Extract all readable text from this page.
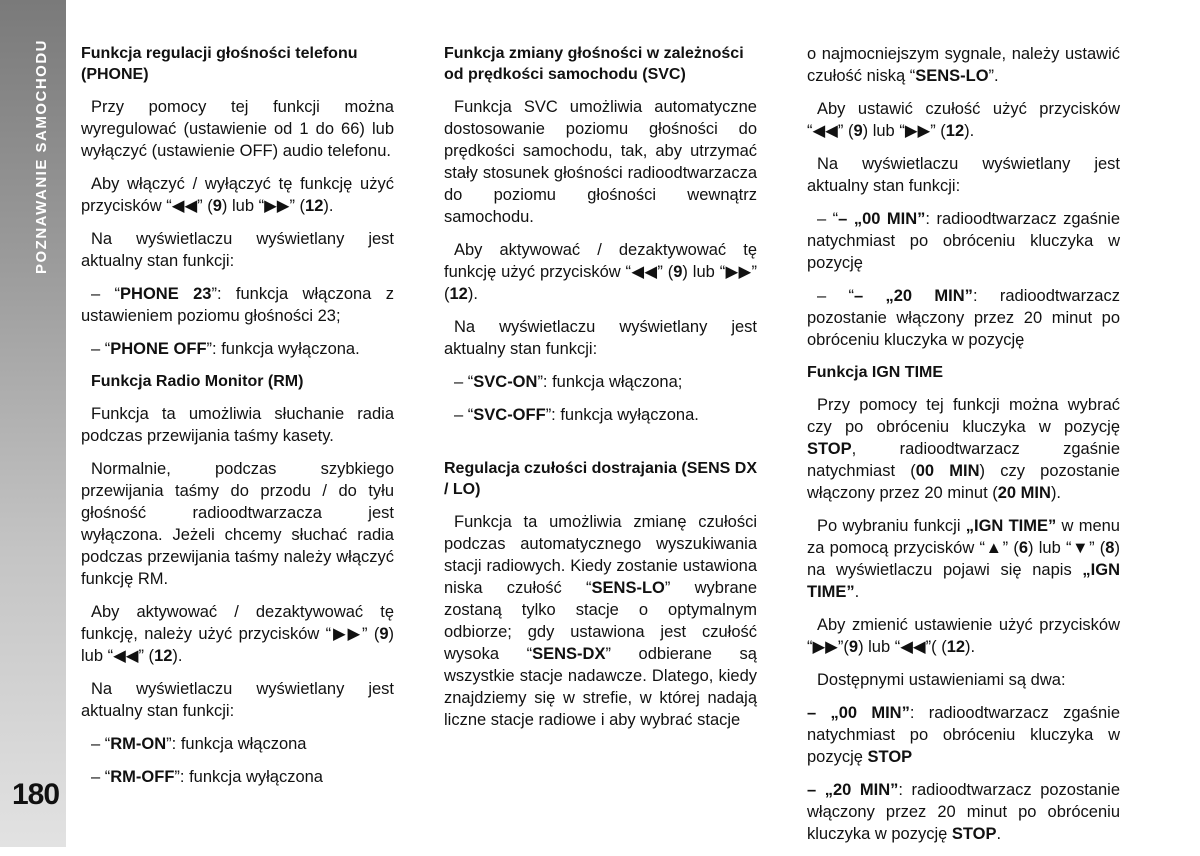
POZNAWANIE SAMOCHODU
180
Funkcja regulacji głośności telefonu (PHONE)

Przy pomocy tej funkcji można wyregulować (ustawienie od 1 do 66) lub wyłączyć (ustawienie OFF) audio telefonu.

Aby włączyć / wyłączyć tę funkcję użyć przycisków “◀◀” (9) lub “▶▶” (12).

Na wyświetlaczu wyświetlany jest aktualny stan funkcji:

– “PHONE 23”: funkcja włączona z ustawieniem poziomu głośności 23;

– “PHONE OFF”: funkcja wyłączona.

Funkcja Radio Monitor (RM)

Funkcja ta umożliwia słuchanie radia podczas przewijania taśmy kasety.

Normalnie, podczas szybkiego przewijania taśmy do przodu / do tyłu głośność radioodtwarzacza jest wyłączona. Jeżeli chcemy słuchać radia podczas przewijania taśmy należy włączyć funkcję RM.

Aby aktywować / dezaktywować tę funkcję, należy użyć przycisków “▶▶” (9) lub “◀◀” (12).

Na wyświetlaczu wyświetlany jest aktualny stan funkcji:

– “RM-ON”: funkcja włączona

– “RM-OFF”: funkcja wyłączona

Funkcja zmiany głośności w zależności od prędkości samochodu (SVC)

Funkcja SVC umożliwia automatyczne dostosowanie poziomu głośności do prędkości samochodu, tak, aby utrzymać stały stosunek głośności radioodtwarzacza do poziomu głośności wewnątrz samochodu.

Aby aktywować / dezaktywować tę funkcję użyć przycisków “◀◀” (9) lub “▶▶” (12).

Na wyświetlaczu wyświetlany jest aktualny stan funkcji:

– “SVC-ON”: funkcja włączona;

– “SVC-OFF”: funkcja wyłączona.

Regulacja czułości dostrajania (SENS DX / LO)

Funkcja ta umożliwia zmianę czułości podczas automatycznego wyszukiwania stacji radiowych. Kiedy zostanie ustawiona niska czułość “SENS-LO” wybrane zostaną tylko stacje o optymalnym odbiorze; gdy ustawiona jest czułość wysoka “SENS-DX” odbierane są wszystkie stacje nadawcze. Dlatego, kiedy znajdziemy się w strefie, w której nadają liczne stacje radiowe i aby wybrać stacje

o najmocniejszym sygnale, należy ustawić czułość niską “SENS-LO”.

Aby ustawić czułość użyć przycisków “◀◀” (9) lub “▶▶” (12).

Na wyświetlaczu wyświetlany jest aktualny stan funkcji:

– “– „00 MIN”: radioodtwarzacz zgaśnie natychmiast po obróceniu kluczyka w pozycję

– “– „20 MIN”: radioodtwarzacz pozostanie włączony przez 20 minut po obróceniu kluczyka w pozycję

Funkcja IGN TIME

Przy pomocy tej funkcji można wybrać czy po obróceniu kluczyka w pozycję STOP, radioodtwarzacz zgaśnie natychmiast (00 MIN) czy pozostanie włączony przez 20 minut (20 MIN).

Po wybraniu funkcji „IGN TIME” w menu za pomocą przycisków “▲” (6) lub “▼” (8) na wyświetlaczu pojawi się napis „IGN TIME”.

Aby zmienić ustawienie użyć przycisków “▶▶”(9) lub “◀◀”( (12).

Dostępnymi ustawieniami są dwa:

– „00 MIN”: radioodtwarzacz zgaśnie natychmiast po obróceniu kluczyka w pozycję STOP

– „20 MIN”: radioodtwarzacz pozostanie włączony przez 20 minut po obróceniu kluczyka w pozycję STOP.
